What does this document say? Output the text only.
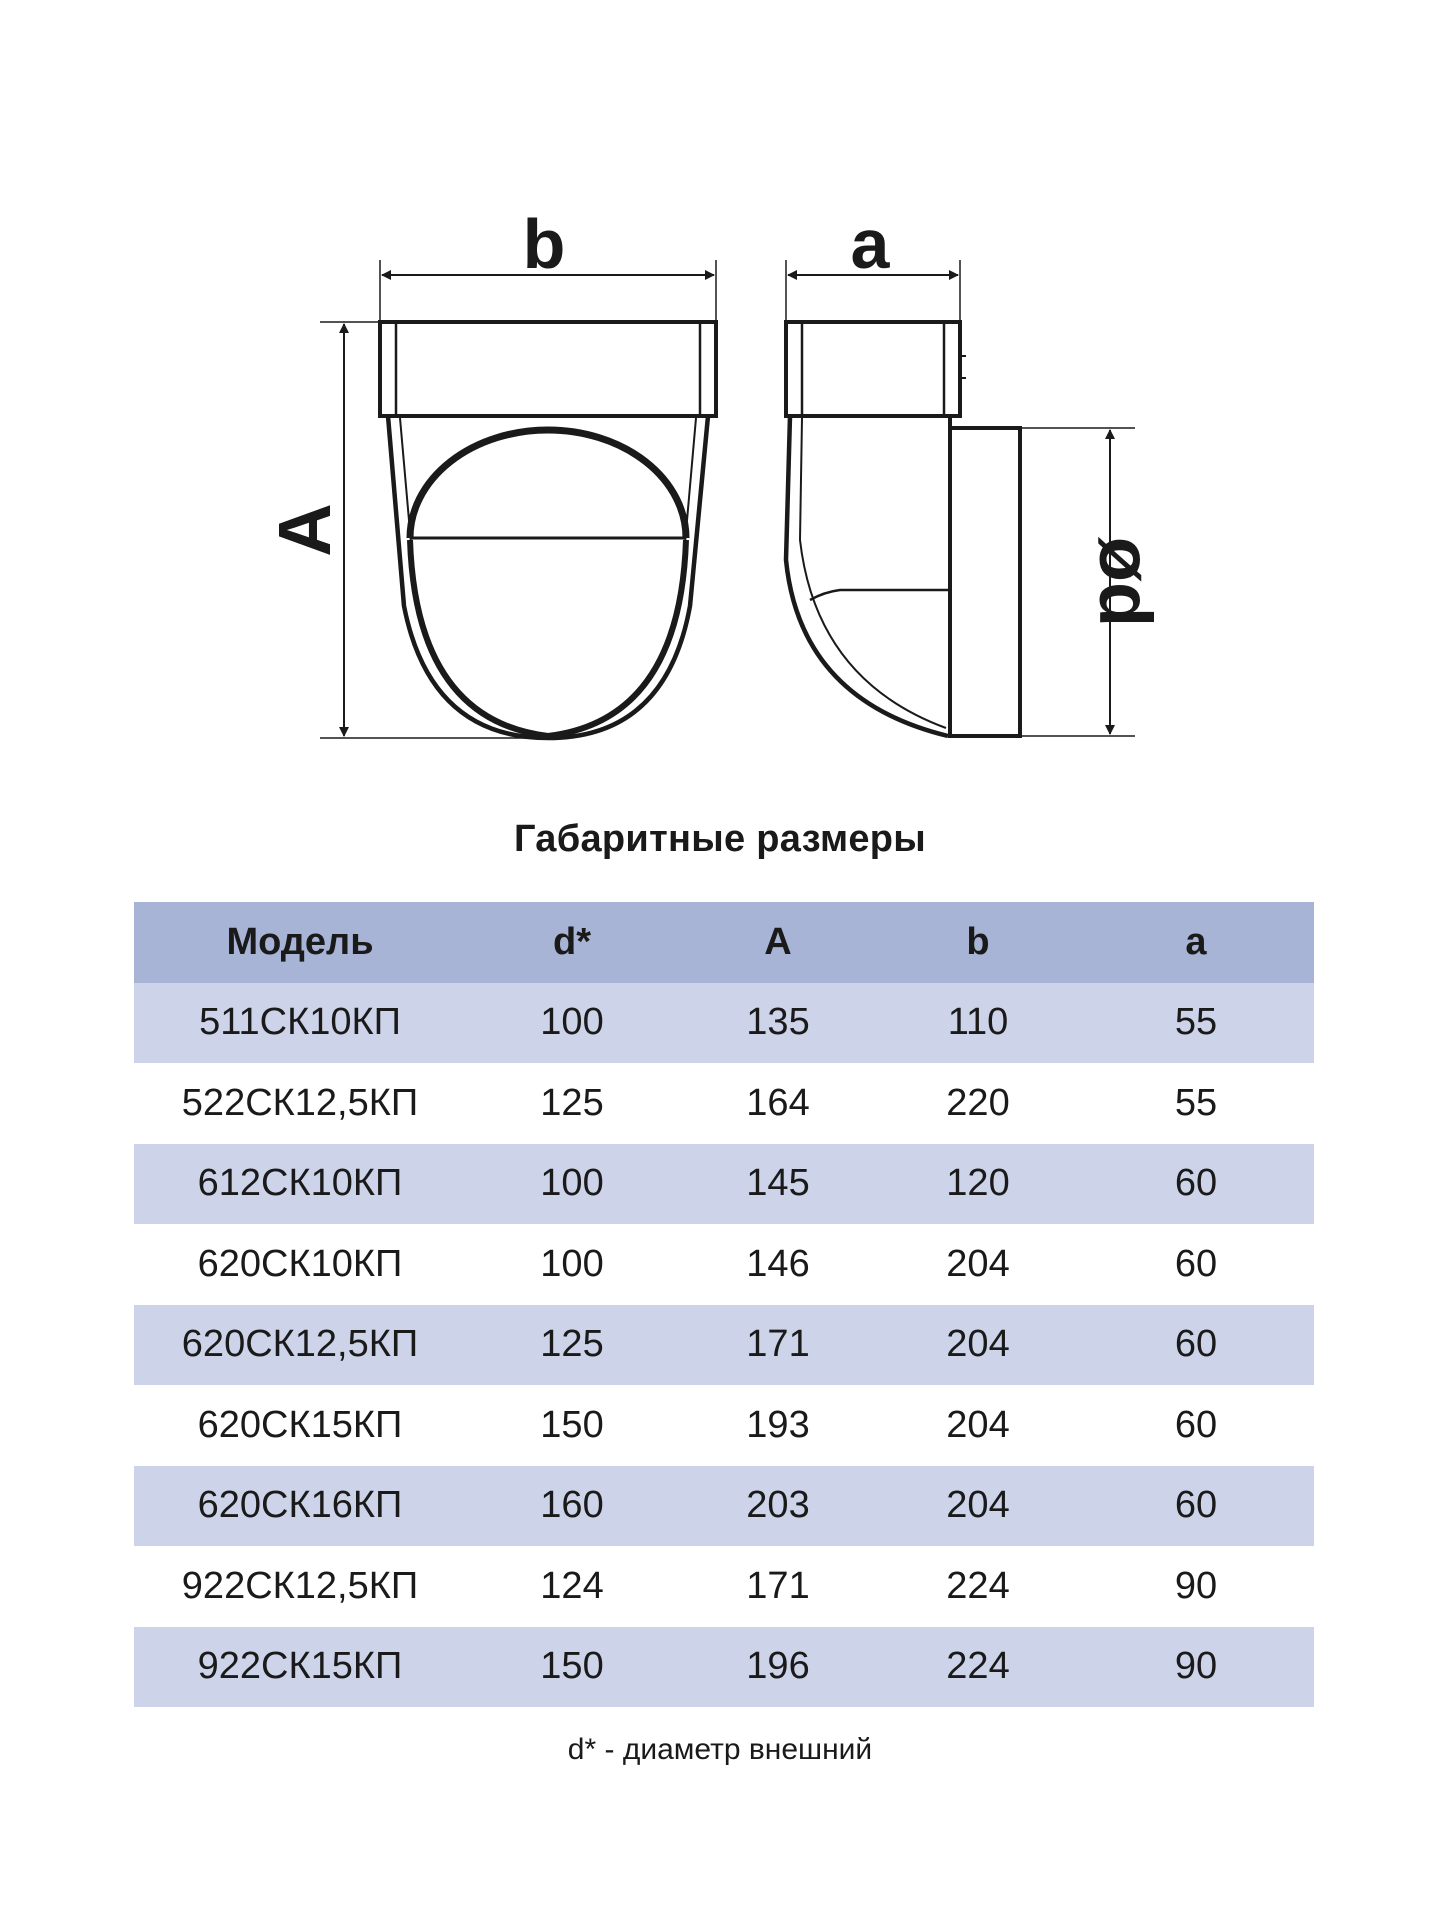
b	a
A
ød
Габаритные размеры
Модель	d*	A	b	a
511СК10КП	100	135	110	55
522СК12,5КП	125	164	220	55
612СК10КП	100	145	120	60
620СК10КП	100	146	204	60
620СК12,5КП	125	171	204	60
620СК15КП	150	193	204	60
620СК16КП	160	203	204	60
922СК12,5КП	124	171	224	90
922СК15КП	150	196	224	90
d* - диаметр внешний
